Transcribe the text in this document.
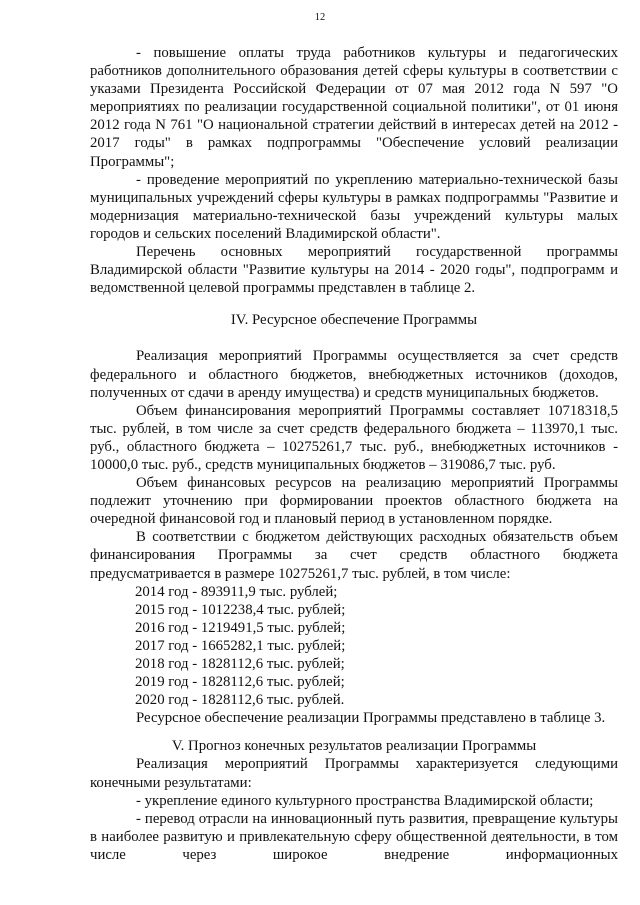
12

- повышение оплаты труда работников культуры и педагогических работников дополнительного образования детей сферы культуры в соответствии с указами Президента Российской Федерации от 07 мая 2012 года N 597 "О мероприятиях по реализации государственной социальной политики", от 01 июня 2012 года N 761 "О национальной стратегии действий в интересах детей на 2012 - 2017 годы" в рамках подпрограммы "Обеспечение условий реализации Программы";

- проведение мероприятий по укреплению материально-технической базы муниципальных учреждений сферы культуры в рамках подпрограммы "Развитие и модернизация материально-технической базы учреждений культуры малых городов и сельских поселений Владимирской области".

Перечень основных мероприятий государственной программы Владимирской области "Развитие культуры на 2014 - 2020 годы", подпрограмм и ведомственной целевой программы представлен в таблице 2.

IV. Ресурсное обеспечение Программы

Реализация мероприятий Программы осуществляется за счет средств федерального и областного бюджетов, внебюджетных источников (доходов, полученных от сдачи в аренду имущества) и средств муниципальных бюджетов.

Объем финансирования мероприятий Программы составляет 10718318,5 тыс. рублей, в том числе за счет средств федерального бюджета – 113970,1 тыс. руб., областного бюджета – 10275261,7 тыс. руб., внебюджетных источников - 10000,0 тыс. руб., средств муниципальных бюджетов – 319086,7 тыс. руб.

Объем финансовых ресурсов на реализацию мероприятий Программы подлежит уточнению при формировании проектов областного бюджета на очередной финансовой год и плановый период в установленном порядке.

В соответствии с бюджетом действующих расходных обязательств объем финансирования Программы за счет средств областного бюджета предусматривается в размере 10275261,7 тыс. рублей, в том числе:

2014 год - 893911,9 тыс. рублей;

2015 год - 1012238,4 тыс. рублей;

2016 год - 1219491,5 тыс. рублей;

2017 год - 1665282,1 тыс. рублей;

2018 год - 1828112,6 тыс. рублей;

2019 год - 1828112,6 тыс. рублей;

2020 год - 1828112,6 тыс. рублей.

Ресурсное обеспечение реализации Программы представлено в таблице 3.

V. Прогноз конечных результатов реализации Программы

Реализация мероприятий Программы характеризуется следующими конечными результатами:

- укрепление единого культурного пространства Владимирской области;

- перевод отрасли на инновационный путь развития, превращение культуры в наиболее развитую и привлекательную сферу общественной деятельности, в том числе через широкое внедрение информационных
